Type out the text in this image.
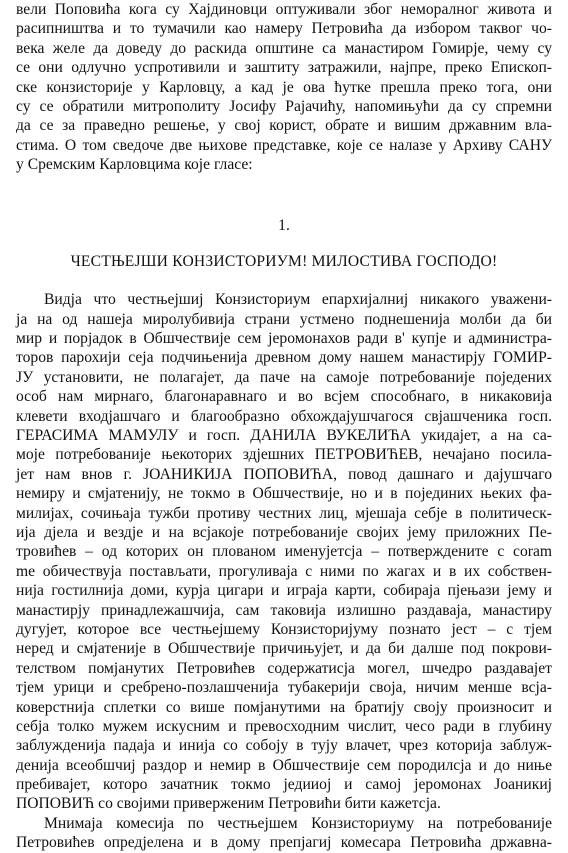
вели Поповића кога су Хајдиновци оптуживали због неморалног живота и
расипништва и то тумачили као намеру Петровића да избором таквог чо-
века желе да доведу до раскида општине са манастиром Гомирје, чему су
се они одлучно успротивили и заштиту затражили, најпре, преко Епископ-
ске конзисторије у Карловцу, а кад је ова ћутке прешла преко тога, они
су се обратили митрополиту Јосифу Рајачићу, напомињући да су спремни
да се за праведно решење, у свој корист, обрате и вишим државним вла-
стима. О том сведоче две њихове представке, које се налазе у Архиву САНУ
у Сремским Карловцима које гласе:
1.
ЧЕСТЊЕЈШИ КОНЗИСТОРИУМ! МИЛОСТИВА ГОСПОДО!
Видја что честњејшиј Конзисториум епархијалниј никакого уважени-
ја на од нашеја миролубивија страни устмено поднешенија молби да би
мир и порјадок в Обшчествије сем јеромонахов ради в' купје и администра-
торов парохији сеја подчињенија древном дому нашем манастирју ГОМИР-
ЈУ установити, не полагајет, да пaче на самоје потребованије поједених
особ нам мирнаго, благонаравнаго и во всјем способнаго, в никаковија
клевети входјашчаго и благообразно обхождајушчагося свјашченика госп.
ГЕРАСИМА МАМУЛУ и госп. ДАНИЛА ВУКЕЛИЋА укидајет, а на са-
моје потребованије њекоторих здјешних ПЕТРОВИЋЕВ, нечајано посила-
јет нам внов г. ЈОАНИКИЈА ПОПОВИЋА, повод дашнаго и дајушчаго
немиру и смјатенију, не токмо в Обшчествије, но и в појединих њеких фа-
милијах, сочињаја тужби противу честних лиц, мјешаја себје в политическ-
ија дјела и вездје и на всјакоје потребованије својих јему приложних Пе-
тровићев – од которих он плованом именујетсја – потверждените с coram
me обичествуја постављати, прогуливаја с ними по жагах и в их собствен-
нија гостилнија доми, курја цигари и играја карти, собираја пјењази јему и
манастирју принадлежашчија, сам таковија излишно раздаваја, манастиру
дугујет, которое все честњејшему Конзисторијуму познато јест – с тјем
неред и смјатеније в Обшчествије причињујет, и да би далше под покрови-
телством помјанутих Петровићев содержатисја могел, шчедро раздавајет
тјем урици и сребрено-позлашченија тубакерији своја, ничим менше всја-
коверстнија сплетки со више помјанутими на братију своју произносит и
себја толко мужем искусним и превосходним числит, чесо ради в глубину
заблужденија падаја и инија со собоју в тују влачет, чрез которија заблуж-
денија всеобшчиј раздор и немир в Обшчествије сем породилсја и до ниње
пребивајет, которо зачатник токмо једииој и самој јеромонах Јоаникиј
ПОПОВИЋ со својими привержeним Петровићи бити кажетсја.
Мнимаја комесија по честњејшем Конзисториуму на потребованије
Петровићев опредјелена и в дому препјагиј комесара Петровића државна-
